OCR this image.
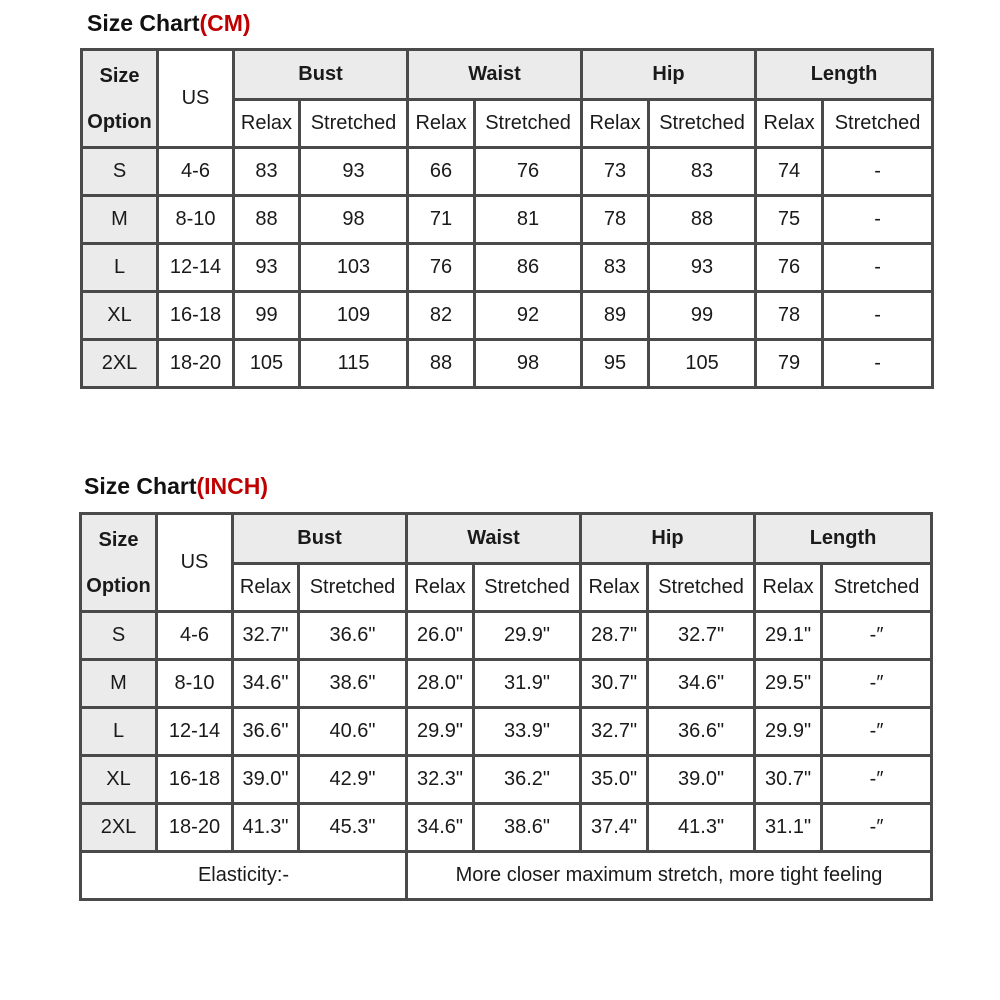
Size Chart(CM)
Size
Option	US	Bust		Waist		Hip		Length	
		Relax	Stretched	Relax	Stretched	Relax	Stretched	Relax	Stretched
S	4-6	83	93	66	76	73	83	74	-
M	8-10	88	98	71	81	78	88	75	-
L	12-14	93	103	76	86	83	93	76	-
XL	16-18	99	109	82	92	89	99	78	-
2XL	18-20	105	115	88	98	95	105	79	-
Size Chart(INCH)
Size
Option	US	Bust		Waist		Hip		Length	
		Relax	Stretched	Relax	Stretched	Relax	Stretched	Relax	Stretched
S	4-6	32.7"	36.6"	26.0"	29.9"	28.7"	32.7"	29.1"	-″
M	8-10	34.6"	38.6"	28.0"	31.9"	30.7"	34.6"	29.5"	-″
L	12-14	36.6"	40.6"	29.9"	33.9"	32.7"	36.6"	29.9"	-″
XL	16-18	39.0"	42.9"	32.3"	36.2"	35.0"	39.0"	30.7"	-″
2XL	18-20	41.3"	45.3"	34.6"	38.6"	37.4"	41.3"	31.1"	-″
Elasticity:-				More closer maximum stretch, more tight feeling					
